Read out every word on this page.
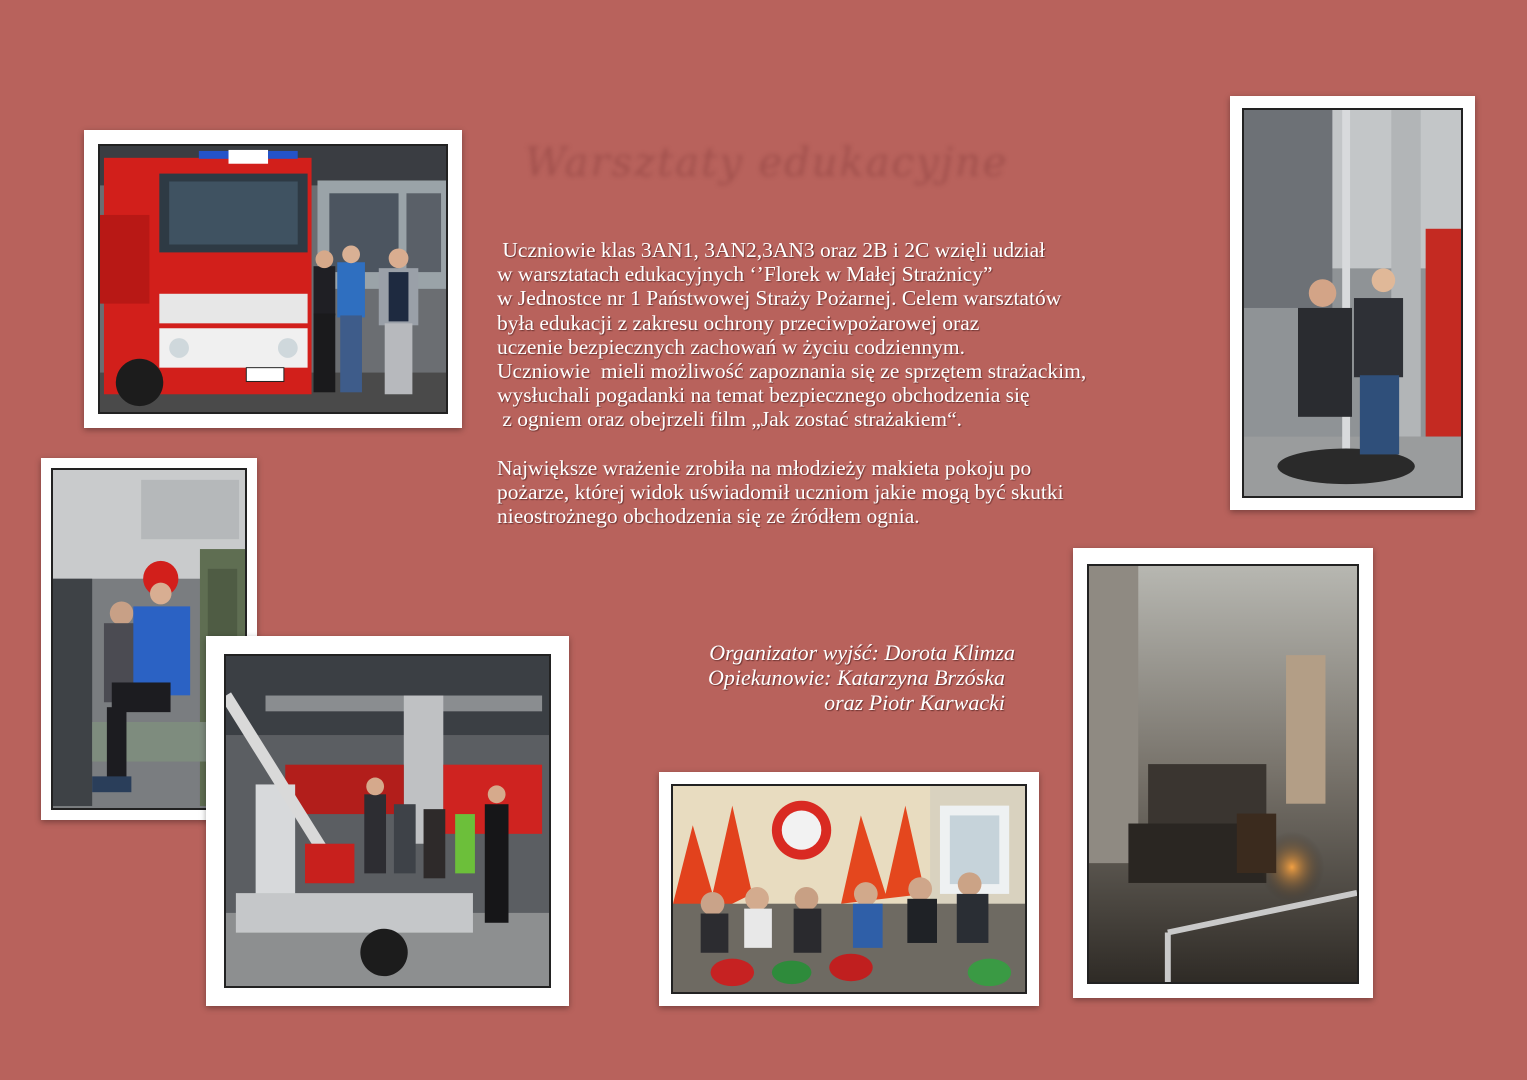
Warsztaty edukacyjne
Uczniowie klas 3AN1, 3AN2,3AN3 oraz 2B i 2C wzięli udział
w warsztatach edukacyjnych ‘’Florek w Małej Strażnicy”
w Jednostce nr 1 Państwowej Straży Pożarnej. Celem warsztatów
była edukacji z zakresu ochrony przeciwpożarowej oraz
uczenie bezpiecznych zachowań w życiu codziennym.
Uczniowie  mieli możliwość zapoznania się ze sprzętem strażackim,
wysłuchali pogadanki na temat bezpiecznego obchodzenia się
z ogniem oraz obejrzeli film „Jak zostać strażakiem“.
Największe wrażenie zrobiła na młodzieży makieta pokoju po
pożarze, której widok uświadomił uczniom jakie mogą być skutki
nieostrożnego obchodzenia się ze źródłem ognia.
Organizator wyjść: Dorota Klimza
Opiekunowie: Katarzyna Brzóska
oraz Piotr Karwacki
